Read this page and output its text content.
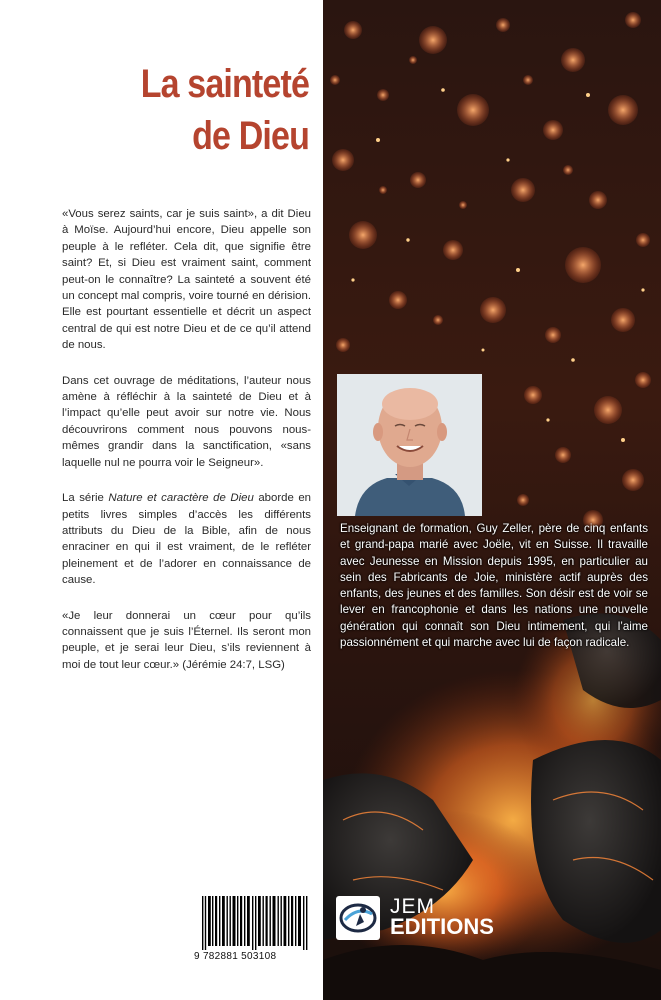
La sainteté
de Dieu

«Vous serez saints, car je suis saint», a dit Dieu à Moïse. Aujourd’hui encore, Dieu appelle son peuple à le refléter. Cela dit, que signifie être saint? Et, si Dieu est vraiment saint, comment peut-on le connaître? La sainteté a souvent été un concept mal compris, voire tourné en dérision. Elle est pourtant essentielle et décrit un aspect central de qui est notre Dieu et de ce qu’il attend de nous.

Dans cet ouvrage de méditations, l’auteur nous amène à réfléchir à la sainteté de Dieu et à l’impact qu’elle peut avoir sur notre vie. Nous découvrirons comment nous pouvons nous-mêmes grandir dans la sanctification, «sans laquelle nul ne pourra voir le Seigneur».

La série Nature et caractère de Dieu aborde en petits livres simples d’accès les différents attributs du Dieu de la Bible, afin de nous enraciner en qui il est vraiment, de le refléter pleinement et de l’adorer en connaissance de cause.

«Je leur donnerai un cœur pour qu’ils connaissent que je suis l’Éternel. Ils seront mon peuple, et je serai leur Dieu, s’ils reviennent à moi de tout leur cœur.» (Jérémie 24:7, LSG)

9 782881 503108
Enseignant de formation, Guy Zeller, père de cinq enfants et grand-papa marié avec Joële, vit en Suisse. Il travaille avec Jeunesse en Mission depuis 1995, en particulier au sein des Fabricants de Joie, ministère actif auprès des enfants, des jeunes et des familles. Son désir est de voir se lever en francophonie et dans les nations une nouvelle génération qui connaît son Dieu intimement, qui l’aime passionnément et qui marche avec lui de façon radicale.
JEM
EDITIONS
